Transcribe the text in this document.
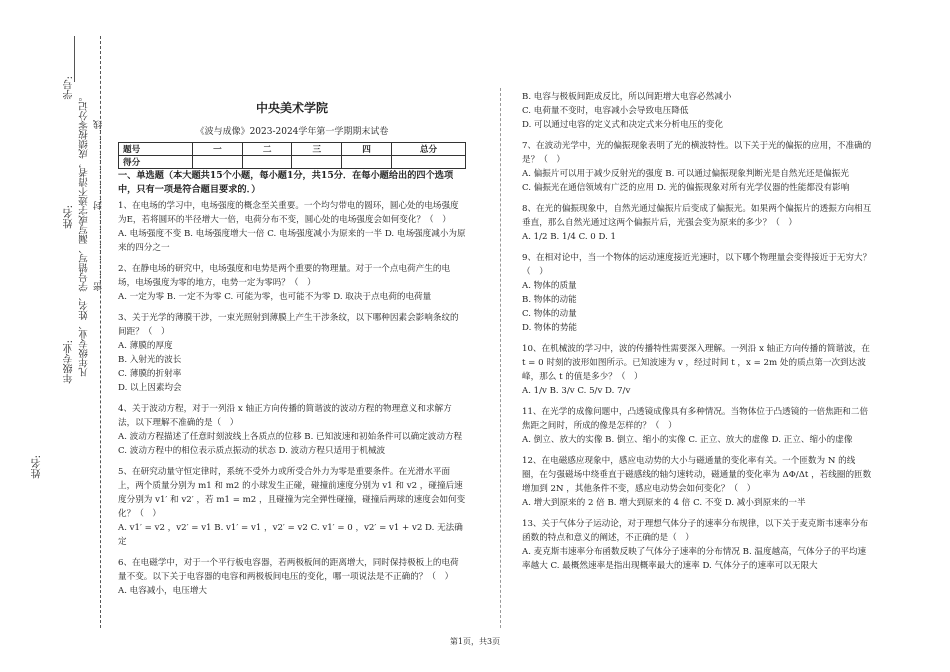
学号:
姓名: 凡年级专业、姓名、学号错写、漏写或字迹不清者，成绩按零分记。
年级专业:
密……………………封……………………线
姓名:
中央美术学院
《波与成像》2023-2024学年第一学期期末试卷
题号	一	二	三	四	总分
得分					
一、单选题（本大题共15个小题，每小题1分，共15分．在每小题给出的四个选项中，只有一项是符合题目要求的．）

1、在电场的学习中，电场强度的概念至关重要。一个均匀带电的圆环，圆心处的电场强度为E，若将圆环的半径增大一倍，电荷分布不变，圆心处的电场强度会如何变化？（　）

A. 电场强度不变 B. 电场强度增大一倍 C. 电场强度减小为原来的一半 D. 电场强度减小为原来的四分之一

2、在静电场的研究中，电场强度和电势是两个重要的物理量。对于一个点电荷产生的电场，电场强度为零的地方，电势一定为零吗？（　）

A. 一定为零 B. 一定不为零 C. 可能为零，也可能不为零 D. 取决于点电荷的电荷量

3、关于光学的薄膜干涉，一束光照射到薄膜上产生干涉条纹，以下哪种因素会影响条纹的间距？（　）

A. 薄膜的厚度

B. 入射光的波长

C. 薄膜的折射率

D. 以上因素均会

4、关于波动方程，对于一列沿 x 轴正方向传播的简谐波的波动方程的物理意义和求解方法，以下理解不准确的是（　）

A. 波动方程描述了任意时刻波线上各质点的位移 B. 已知波速和初始条件可以确定波动方程 C. 波动方程中的相位表示质点振动的状态 D. 波动方程只适用于机械波

5、在研究动量守恒定律时，系统不受外力或所受合外力为零是重要条件。在光滑水平面上，两个质量分别为 m1 和 m2 的小球发生正碰，碰撞前速度分别为 v1 和 v2 ，碰撞后速度分别为 v1′ 和 v2′ ，若 m1 = m2 ，且碰撞为完全弹性碰撞，碰撞后两球的速度会如何变化？（　）

A. v1′ = v2 ，v2′ = v1 B. v1′ = v1 ，v2′ = v2 C. v1′ = 0 ，v2′ = v1 + v2 D. 无法确定

6、在电磁学中，对于一个平行板电容器，若两极板间的距离增大，同时保持极板上的电荷量不变。以下关于电容器的电容和两极板间电压的变化，哪一项说法是不正确的？（　）

A. 电容减小，电压增大

B. 电容与极板间距成反比，所以间距增大电容必然减小

C. 电荷量不变时，电容减小会导致电压降低

D. 可以通过电容的定义式和决定式来分析电压的变化

7、在波动光学中，光的偏振现象表明了光的横波特性。以下关于光的偏振的应用，不准确的是？（　）

A. 偏振片可以用于减少反射光的强度 B. 可以通过偏振现象判断光是自然光还是偏振光

C. 偏振光在通信领域有广泛的应用 D. 光的偏振现象对所有光学仪器的性能都没有影响

8、在光的偏振现象中，自然光通过偏振片后变成了偏振光。如果两个偏振片的透振方向相互垂直，那么自然光通过这两个偏振片后，光强会变为原来的多少？（　）

A. 1/2 B. 1/4 C. 0 D. 1

9、在相对论中，当一个物体的运动速度接近光速时，以下哪个物理量会变得接近于无穷大？（　）

A. 物体的质量

B. 物体的动能

C. 物体的动量

D. 物体的势能

10、在机械波的学习中，波的传播特性需要深入理解。一列沿 x 轴正方向传播的简谐波，在 t = 0 时刻的波形如图所示。已知波速为 v ，经过时间 t ，x = 2m 处的质点第一次到达波峰，那么 t 的值是多少？（　）

A. 1/v B. 3/v C. 5/v D. 7/v

11、在光学的成像问题中，凸透镜成像具有多种情况。当物体位于凸透镜的一倍焦距和二倍焦距之间时，所成的像是怎样的？（　）

A. 倒立、放大的实像 B. 倒立、缩小的实像 C. 正立、放大的虚像 D. 正立、缩小的虚像

12、在电磁感应现象中，感应电动势的大小与磁通量的变化率有关。一个匝数为 N 的线圈，在匀强磁场中绕垂直于磁感线的轴匀速转动，磁通量的变化率为 ΔΦ/Δt ，若线圈的匝数增加到 2N ，其他条件不变，感应电动势会如何变化？（　）

A. 增大到原来的 2 倍 B. 增大到原来的 4 倍 C. 不变 D. 减小到原来的一半

13、关于气体分子运动论，对于理想气体分子的速率分布规律，以下关于麦克斯韦速率分布函数的特点和意义的阐述，不正确的是（　）

A. 麦克斯韦速率分布函数反映了气体分子速率的分布情况 B. 温度越高，气体分子的平均速率越大 C. 最概然速率是指出现概率最大的速率 D. 气体分子的速率可以无限大

第1页，共3页
